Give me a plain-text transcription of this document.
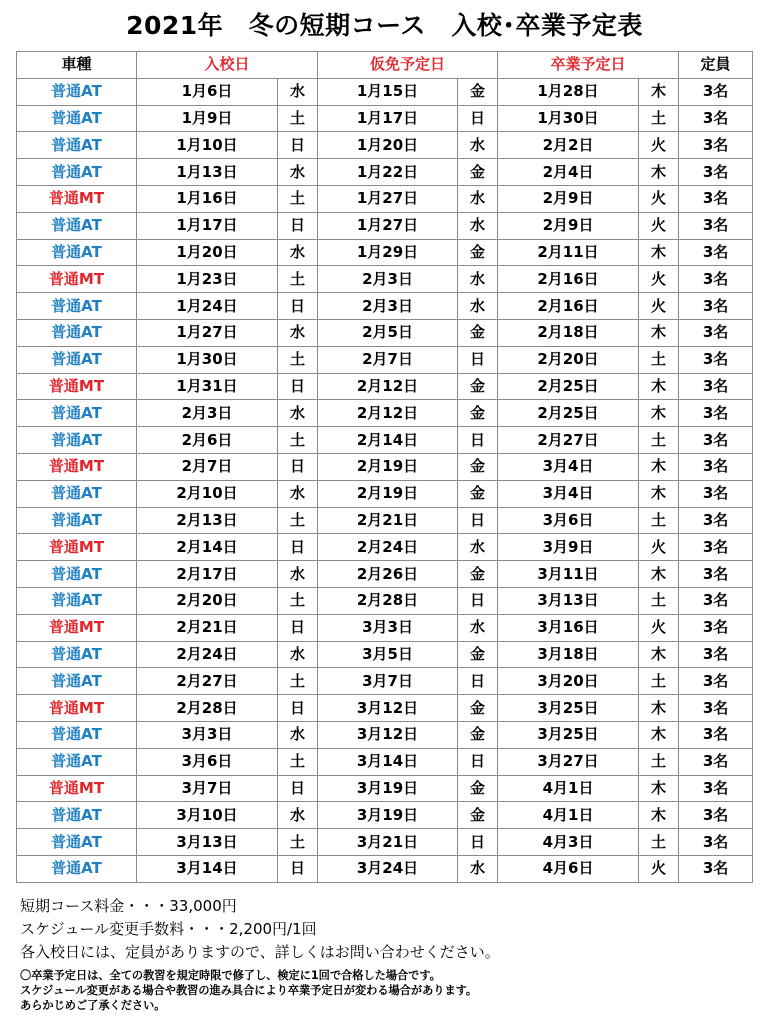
2021年　冬の短期コース　入校･卒業予定表
車種	入校日		仮免予定日		卒業予定日		定員
普通AT	1月6日	水	1月15日	金	1月28日	木	3名
普通AT	1月9日	土	1月17日	日	1月30日	土	3名
普通AT	1月10日	日	1月20日	水	2月2日	火	3名
普通AT	1月13日	水	1月22日	金	2月4日	木	3名
普通MT	1月16日	土	1月27日	水	2月9日	火	3名
普通AT	1月17日	日	1月27日	水	2月9日	火	3名
普通AT	1月20日	水	1月29日	金	2月11日	木	3名
普通MT	1月23日	土	2月3日	水	2月16日	火	3名
普通AT	1月24日	日	2月3日	水	2月16日	火	3名
普通AT	1月27日	水	2月5日	金	2月18日	木	3名
普通AT	1月30日	土	2月7日	日	2月20日	土	3名
普通MT	1月31日	日	2月12日	金	2月25日	木	3名
普通AT	2月3日	水	2月12日	金	2月25日	木	3名
普通AT	2月6日	土	2月14日	日	2月27日	土	3名
普通MT	2月7日	日	2月19日	金	3月4日	木	3名
普通AT	2月10日	水	2月19日	金	3月4日	木	3名
普通AT	2月13日	土	2月21日	日	3月6日	土	3名
普通MT	2月14日	日	2月24日	水	3月9日	火	3名
普通AT	2月17日	水	2月26日	金	3月11日	木	3名
普通AT	2月20日	土	2月28日	日	3月13日	土	3名
普通MT	2月21日	日	3月3日	水	3月16日	火	3名
普通AT	2月24日	水	3月5日	金	3月18日	木	3名
普通AT	2月27日	土	3月7日	日	3月20日	土	3名
普通MT	2月28日	日	3月12日	金	3月25日	木	3名
普通AT	3月3日	水	3月12日	金	3月25日	木	3名
普通AT	3月6日	土	3月14日	日	3月27日	土	3名
普通MT	3月7日	日	3月19日	金	4月1日	木	3名
普通AT	3月10日	水	3月19日	金	4月1日	木	3名
普通AT	3月13日	土	3月21日	日	4月3日	土	3名
普通AT	3月14日	日	3月24日	水	4月6日	火	3名
短期コース料金・・・33,000円
スケジュール変更手数料・・・2,200円/1回
各入校日には、定員がありますので、詳しくはお問い合わせください。
〇卒業予定日は、全ての教習を規定時限で修了し、検定に1回で合格した場合です。
スケジュール変更がある場合や教習の進み具合により卒業予定日が変わる場合があります。
あらかじめご了承ください。
